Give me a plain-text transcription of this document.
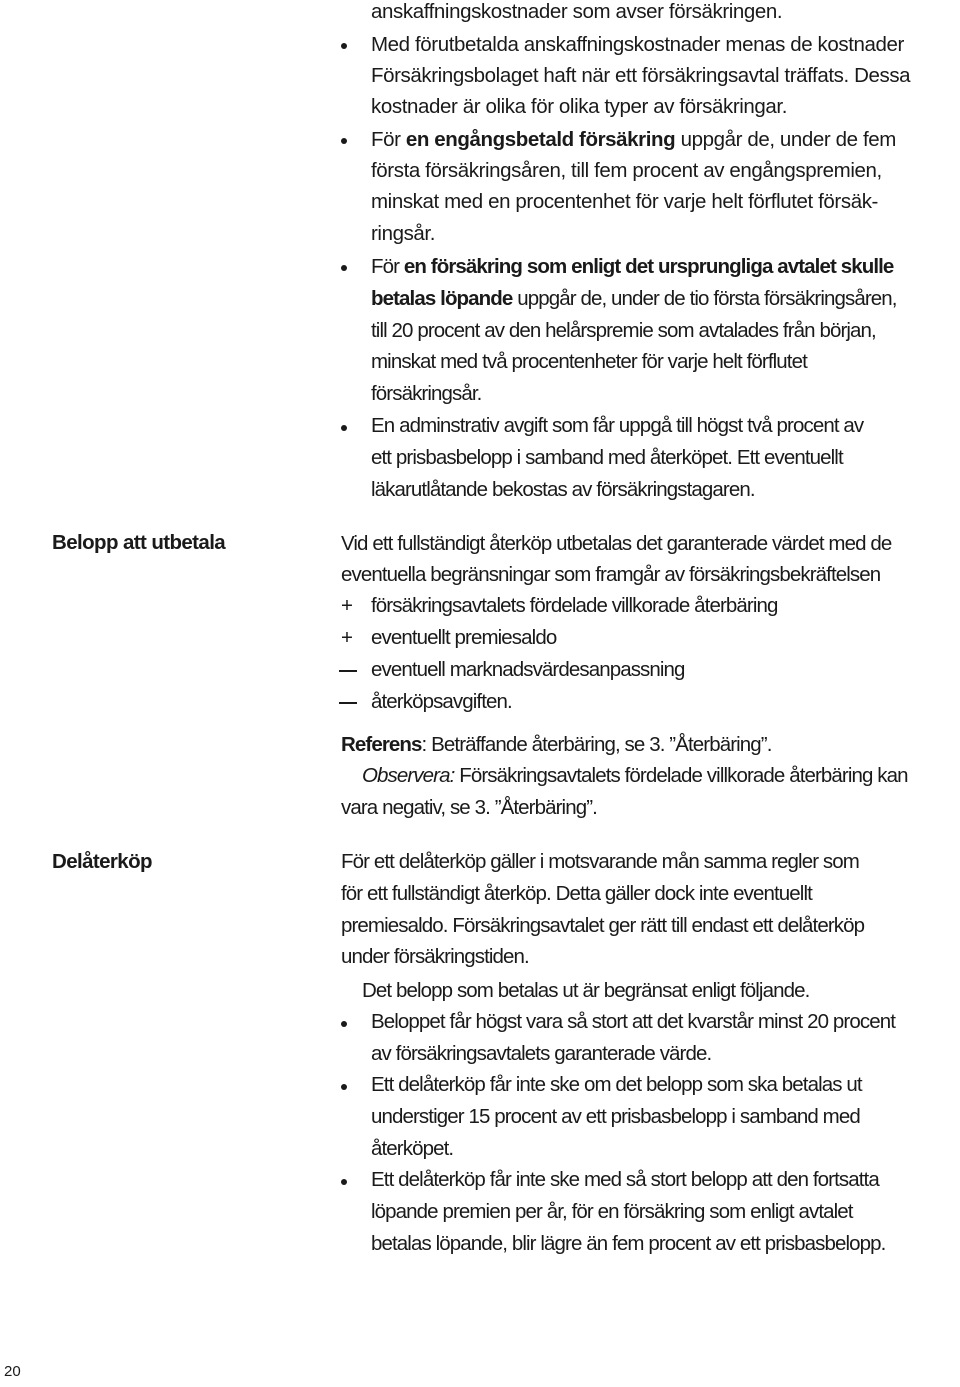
anskaffningskostnader som avser försäkringen.
Med förutbetalda anskaffningskostnader menas de kostnader
Försäkringsbolaget haft när ett försäkringsavtal träffats. Dessa
kostnader är olika för olika typer av försäkringar.
För en engångsbetald försäkring uppgår de, under de fem
första försäkringsåren, till fem procent av engångspremien,
minskat med en procentenhet för varje helt förflutet försäk-
ringsår.
För en försäkring som enligt det ursprungliga avtalet skulle
betalas löpande uppgår de, under de tio första försäkringsåren,
till 20 procent av den helårspremie som avtalades från början,
minskat med två procentenheter för varje helt förflutet
försäkringsår.
En adminstrativ avgift som får uppgå till högst två procent av
ett prisbasbelopp i samband med återköpet. Ett eventuellt
läkarutlåtande bekostas av försäkringstagaren.
Belopp att utbetala	Vid ett fullständigt återköp utbetalas det garanterade värdet med de
eventuella begränsningar som framgår av försäkringsbekräftelsen
+ försäkringsavtalets fördelade villkorade återbäring
+ eventuellt premiesaldo
eventuell marknadsvärdesanpassning
återköpsavgiften.
Referens: Beträffande återbäring, se 3. ”Återbäring”.
Observera: Försäkringsavtalets fördelade villkorade återbäring kan
vara negativ, se 3. ”Återbäring”.
Delåterköp	För ett delåterköp gäller i motsvarande mån samma regler som
för ett fullständigt återköp. Detta gäller dock inte eventuellt
premiesaldo. Försäkringsavtalet ger rätt till endast ett delåterköp
under försäkringstiden.
Det belopp som betalas ut är begränsat enligt följande.
Beloppet får högst vara så stort att det kvarstår minst 20 procent
av försäkringsavtalets garanterade värde.
Ett delåterköp får inte ske om det belopp som ska betalas ut
understiger 15 procent av ett prisbasbelopp i samband med
återköpet.
Ett delåterköp får inte ske med så stort belopp att den fortsatta
löpande premien per år, för en försäkring som enligt avtalet
betalas löpande, blir lägre än fem procent av ett prisbasbelopp.
20
